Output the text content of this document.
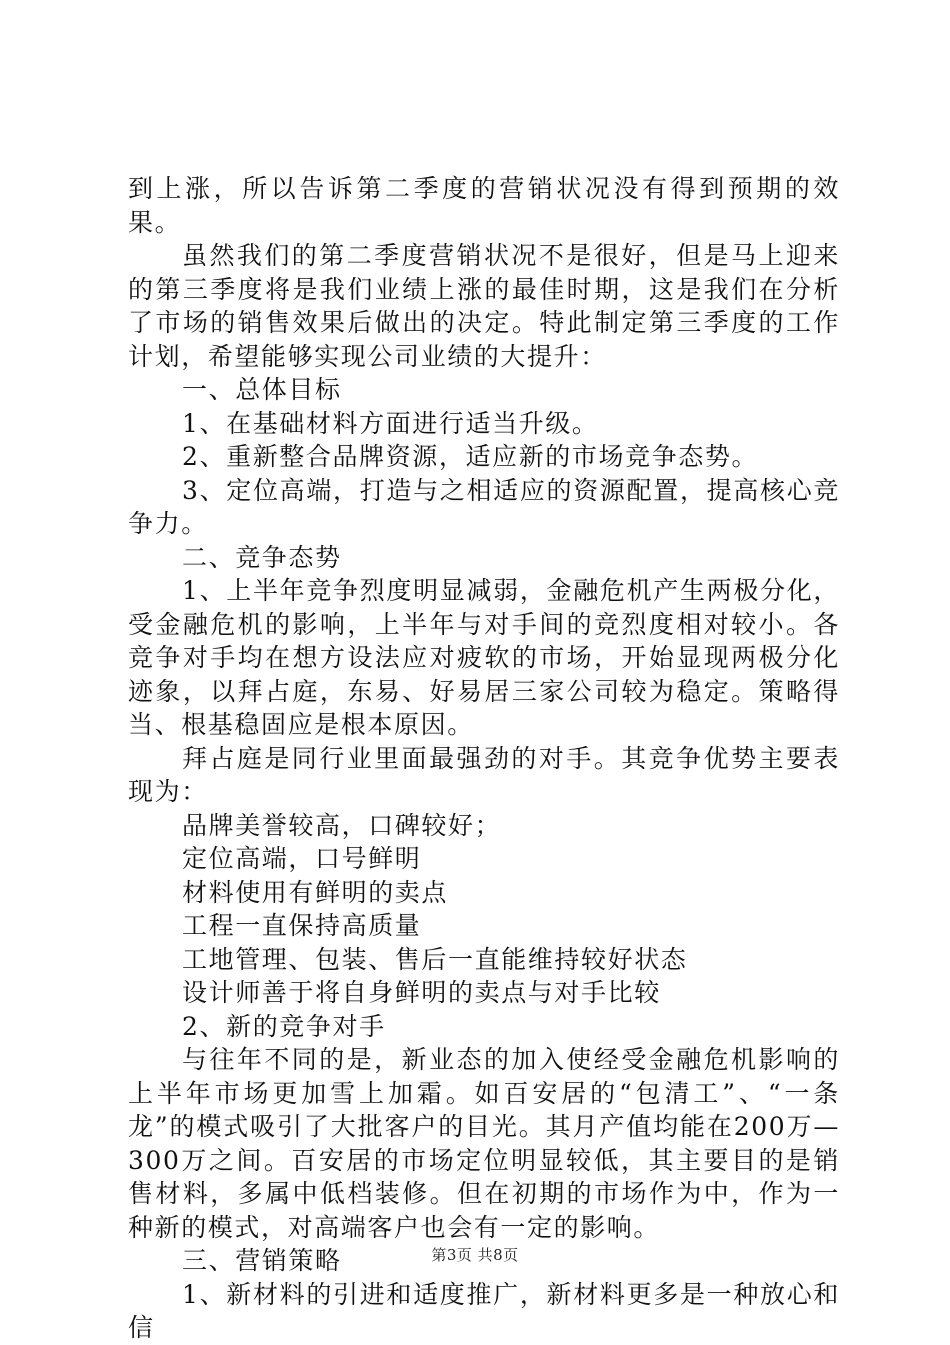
到上涨，所以告诉第二季度的营销状况没有得到预期的效果。

虽然我们的第二季度营销状况不是很好，但是马上迎来的第三季度将是我们业绩上涨的最佳时期，这是我们在分析了市场的销售效果后做出的决定。特此制定第三季度的工作计划，希望能够实现公司业绩的大提升：

一、总体目标

1、在基础材料方面进行适当升级。

2、重新整合品牌资源，适应新的市场竞争态势。

3、定位高端，打造与之相适应的资源配置，提高核心竞争力。

二、竞争态势

1、上半年竞争烈度明显减弱，金融危机产生两极分化，受金融危机的影响，上半年与对手间的竞烈度相对较小。各竞争对手均在想方设法应对疲软的市场，开始显现两极分化迹象，以拜占庭，东易、好易居三家公司较为稳定。策略得当、根基稳固应是根本原因。

拜占庭是同行业里面最强劲的对手。其竞争优势主要表现为：

品牌美誉较高，口碑较好；

定位高端，口号鲜明

材料使用有鲜明的卖点

工程一直保持高质量

工地管理、包装、售后一直能维持较好状态

设计师善于将自身鲜明的卖点与对手比较

2、新的竞争对手

与往年不同的是，新业态的加入使经受金融危机影响的上半年市场更加雪上加霜。如百安居的“包清工”、“一条龙”的模式吸引了大批客户的目光。其月产值均能在200万—300万之间。百安居的市场定位明显较低，其主要目的是销售材料，多属中低档装修。但在初期的市场作为中，作为一种新的模式，对高端客户也会有一定的影响。

三、营销策略

1、新材料的引进和适度推广，新材料更多是一种放心和信

第3页 共8页
